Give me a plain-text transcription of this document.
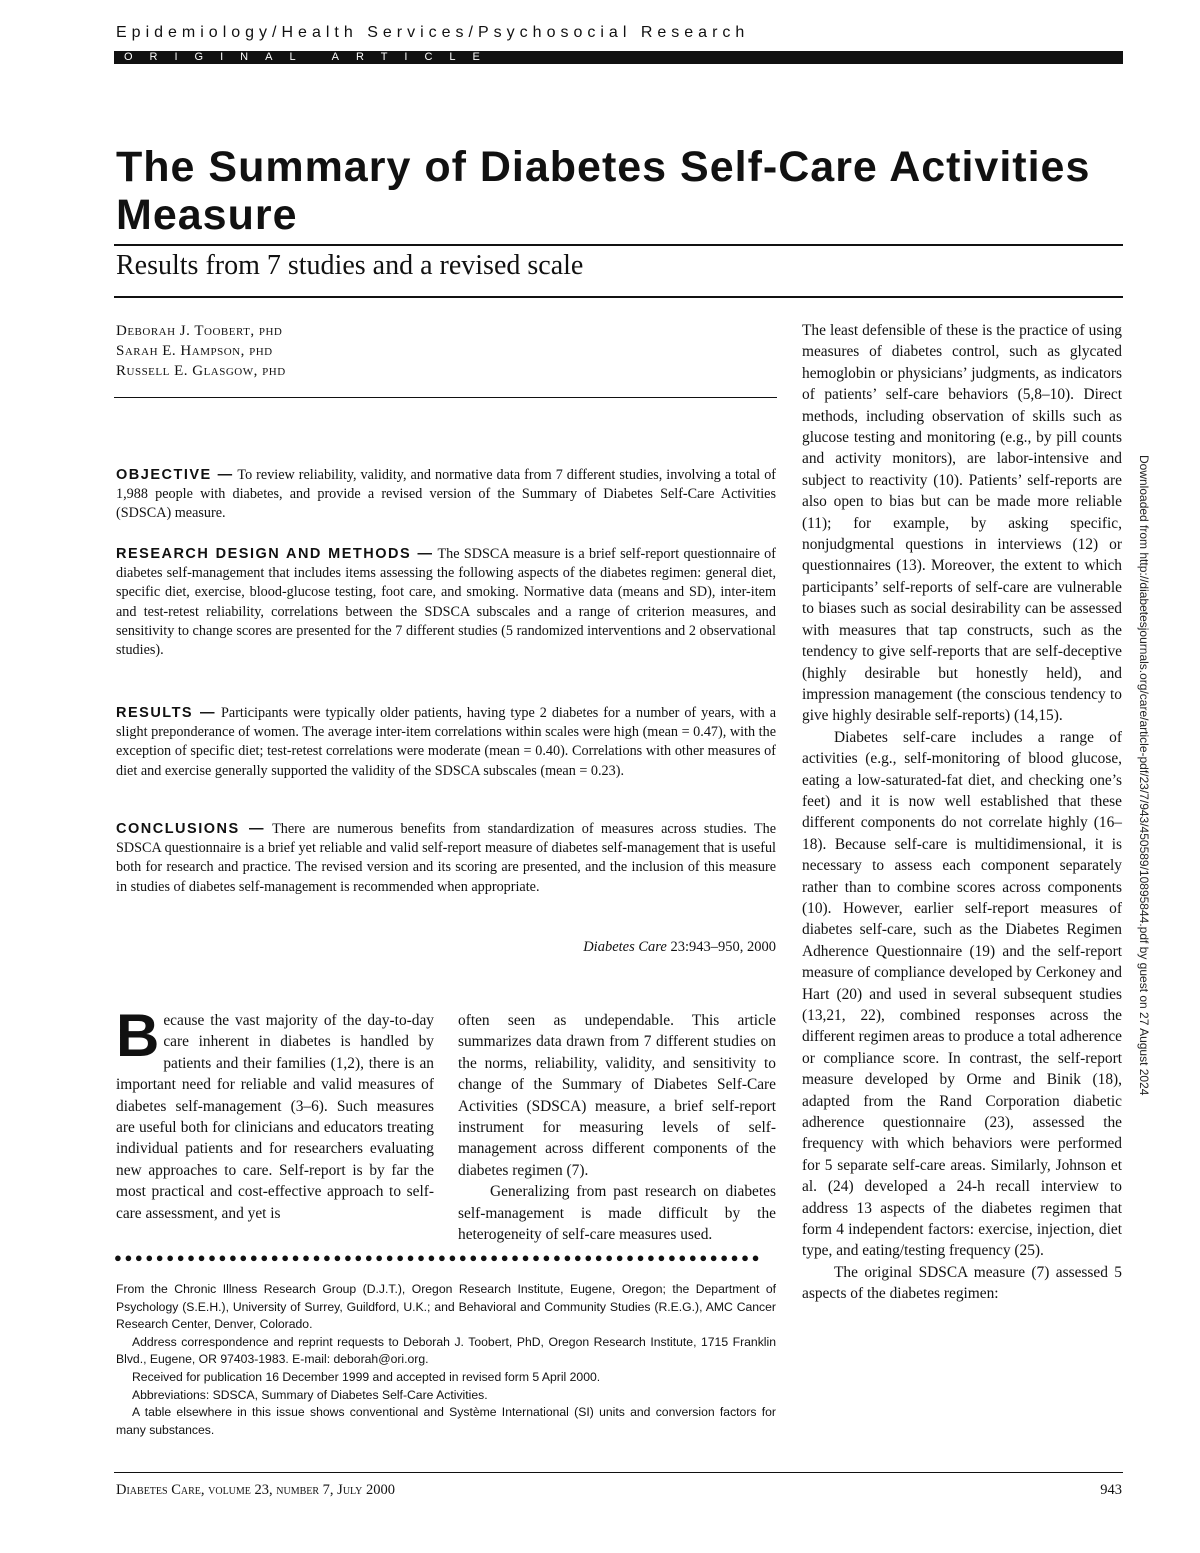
Epidemiology/Health Services/Psychosocial Research
ORIGINAL ARTICLE
The Summary of Diabetes Self-Care Activities Measure
Results from 7 studies and a revised scale
Deborah J. Toobert, phd
Sarah E. Hampson, phd
Russell E. Glasgow, phd

OBJECTIVE — To review reliability, validity, and normative data from 7 different studies, involving a total of 1,988 people with diabetes, and provide a revised version of the Summary of Diabetes Self-Care Activities (SDSCA) measure.

RESEARCH DESIGN AND METHODS — The SDSCA measure is a brief self-report questionnaire of diabetes self-management that includes items assessing the following aspects of the diabetes regimen: general diet, specific diet, exercise, blood-glucose testing, foot care, and smoking. Normative data (means and SD), inter-item and test-retest reliability, correlations between the SDSCA subscales and a range of criterion measures, and sensitivity to change scores are presented for the 7 different studies (5 randomized interventions and 2 observational studies).

RESULTS — Participants were typically older patients, having type 2 diabetes for a number of years, with a slight preponderance of women. The average inter-item correlations within scales were high (mean = 0.47), with the exception of specific diet; test-retest correlations were moderate (mean = 0.40). Correlations with other measures of diet and exercise generally supported the validity of the SDSCA subscales (mean = 0.23).

CONCLUSIONS — There are numerous benefits from standardization of measures across studies. The SDSCA questionnaire is a brief yet reliable and valid self-report measure of diabetes self-management that is useful both for research and practice. The revised version and its scoring are presented, and the inclusion of this measure in studies of diabetes self-management is recommended when appropriate.

Diabetes Care 23:943–950, 2000

Because the vast majority of the day-to-day care inherent in diabetes is handled by patients and their families (1,2), there is an important need for reliable and valid measures of diabetes self-management (3–6). Such measures are useful both for clinicians and educators treating individual patients and for researchers evaluating new approaches to care. Self-report is by far the most practical and cost-effective approach to self-care assessment, and yet is

often seen as undependable. This article summarizes data drawn from 7 different studies on the norms, reliability, validity, and sensitivity to change of the Summary of Diabetes Self-Care Activities (SDSCA) measure, a brief self-report instrument for measuring levels of self-management across different components of the diabetes regimen (7).

Generalizing from past research on diabetes self-management is made difficult by the heterogeneity of self-care measures used.

●●●●●●●●●●●●●●●●●●●●●●●●●●●●●●●●●●●●●●●●●●●●●●●●●●●●●●●●●●●●●●

From the Chronic Illness Research Group (D.J.T.), Oregon Research Institute, Eugene, Oregon; the Department of Psychology (S.E.H.), University of Surrey, Guildford, U.K.; and Behavioral and Community Studies (R.E.G.), AMC Cancer Research Center, Denver, Colorado.

Address correspondence and reprint requests to Deborah J. Toobert, PhD, Oregon Research Institute, 1715 Franklin Blvd., Eugene, OR 97403-1983. E-mail: deborah@ori.org.

Received for publication 16 December 1999 and accepted in revised form 5 April 2000.

Abbreviations: SDSCA, Summary of Diabetes Self-Care Activities.

A table elsewhere in this issue shows conventional and Système International (SI) units and conversion factors for many substances.

The least defensible of these is the practice of using measures of diabetes control, such as glycated hemoglobin or physicians’ judgments, as indicators of patients’ self-care behaviors (5,8–10). Direct methods, including observation of skills such as glucose testing and monitoring (e.g., by pill counts and activity monitors), are labor-intensive and subject to reactivity (10). Patients’ self-reports are also open to bias but can be made more reliable (11); for example, by asking specific, nonjudgmental questions in interviews (12) or questionnaires (13). Moreover, the extent to which participants’ self-reports of self-care are vulnerable to biases such as social desirability can be assessed with measures that tap constructs, such as the tendency to give self-reports that are self-deceptive (highly desirable but honestly held), and impression management (the conscious tendency to give highly desirable self-reports) (14,15).

Diabetes self-care includes a range of activities (e.g., self-monitoring of blood glucose, eating a low-saturated-fat diet, and checking one’s feet) and it is now well established that these different components do not correlate highly (16–18). Because self-care is multidimensional, it is necessary to assess each component separately rather than to combine scores across components (10). However, earlier self-report measures of diabetes self-care, such as the Diabetes Regimen Adherence Questionnaire (19) and the self-report measure of compliance developed by Cerkoney and Hart (20) and used in several subsequent studies (13,21, 22), combined responses across the different regimen areas to produce a total adherence or compliance score. In contrast, the self-report measure developed by Orme and Binik (18), adapted from the Rand Corporation diabetic adherence questionnaire (23), assessed the frequency with which behaviors were performed for 5 separate self-care areas. Similarly, Johnson et al. (24) developed a 24-h recall interview to address 13 aspects of the diabetes regimen that form 4 independent factors: exercise, injection, diet type, and eating/testing frequency (25).

The original SDSCA measure (7) assessed 5 aspects of the diabetes regimen:

Downloaded from http://diabetesjournals.org/care/article-pdf/23/7/943/450589/10895844.pdf by guest on 27 August 2024
Diabetes Care, volume 23, number 7, July 2000	943
